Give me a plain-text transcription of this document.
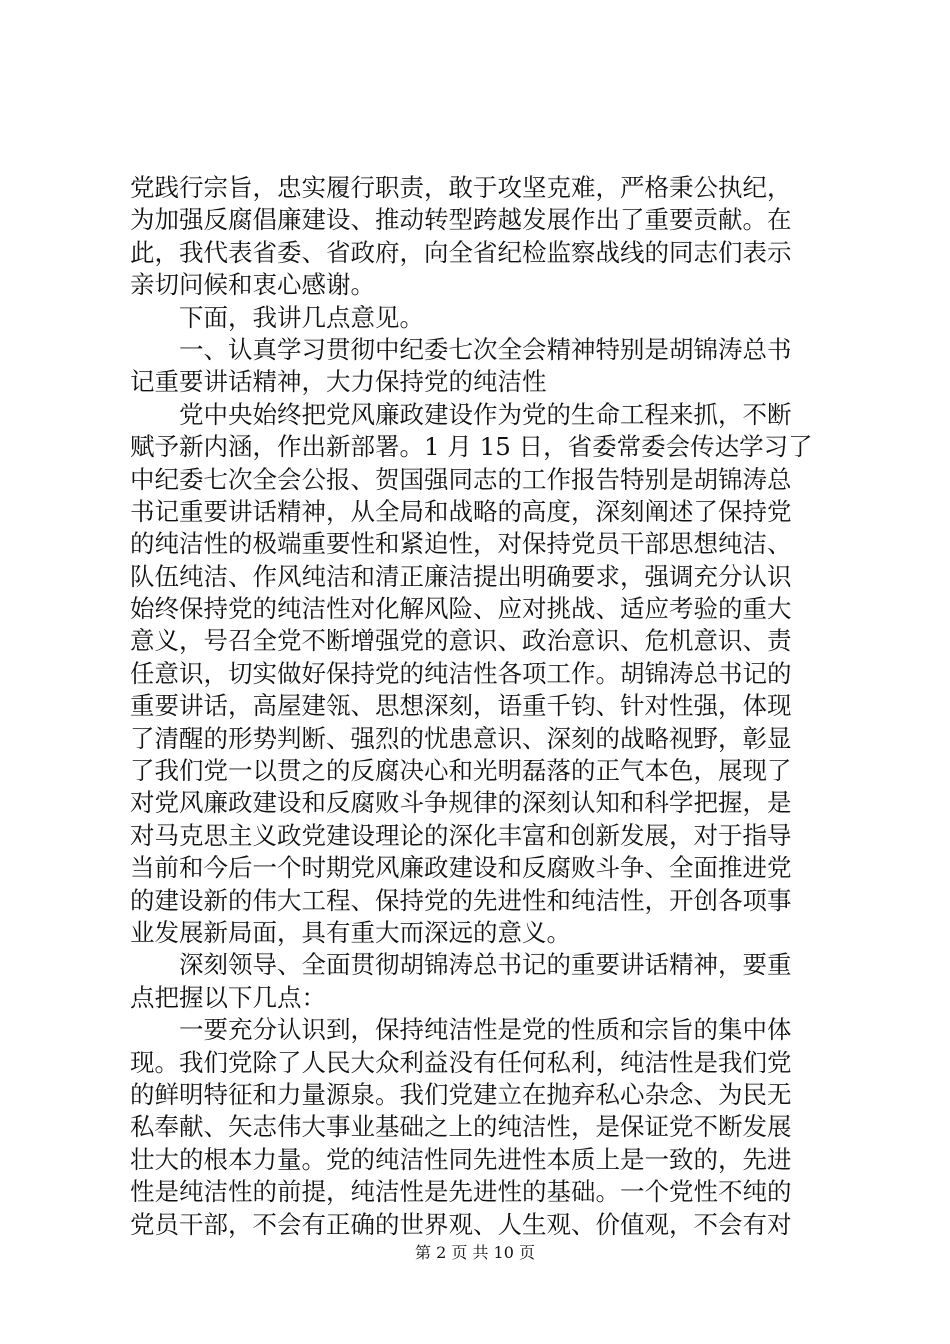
党践行宗旨，忠实履行职责，敢于攻坚克难，严格秉公执纪，
为加强反腐倡廉建设、推动转型跨越发展作出了重要贡献。在
此，我代表省委、省政府，向全省纪检监察战线的同志们表示
亲切问候和衷心感谢。
　　下面，我讲几点意见。
　　一、认真学习贯彻中纪委七次全会精神特别是胡锦涛总书
记重要讲话精神，大力保持党的纯洁性
　　党中央始终把党风廉政建设作为党的生命工程来抓，不断
赋予新内涵，作出新部署。1 月 15 日，省委常委会传达学习了
中纪委七次全会公报、贺国强同志的工作报告特别是胡锦涛总
书记重要讲话精神，从全局和战略的高度，深刻阐述了保持党
的纯洁性的极端重要性和紧迫性，对保持党员干部思想纯洁、
队伍纯洁、作风纯洁和清正廉洁提出明确要求，强调充分认识
始终保持党的纯洁性对化解风险、应对挑战、适应考验的重大
意义，号召全党不断增强党的意识、政治意识、危机意识、责
任意识，切实做好保持党的纯洁性各项工作。胡锦涛总书记的
重要讲话，高屋建瓴、思想深刻，语重千钧、针对性强，体现
了清醒的形势判断、强烈的忧患意识、深刻的战略视野，彰显
了我们党一以贯之的反腐决心和光明磊落的正气本色，展现了
对党风廉政建设和反腐败斗争规律的深刻认知和科学把握，是
对马克思主义政党建设理论的深化丰富和创新发展，对于指导
当前和今后一个时期党风廉政建设和反腐败斗争、全面推进党
的建设新的伟大工程、保持党的先进性和纯洁性，开创各项事
业发展新局面，具有重大而深远的意义。
　　深刻领导、全面贯彻胡锦涛总书记的重要讲话精神，要重
点把握以下几点：
　　一要充分认识到，保持纯洁性是党的性质和宗旨的集中体
现。我们党除了人民大众利益没有任何私利，纯洁性是我们党
的鲜明特征和力量源泉。我们党建立在抛弃私心杂念、为民无
私奉献、矢志伟大事业基础之上的纯洁性，是保证党不断发展
壮大的根本力量。党的纯洁性同先进性本质上是一致的，先进
性是纯洁性的前提，纯洁性是先进性的基础。一个党性不纯的
党员干部，不会有正确的世界观、人生观、价值观，不会有对
第 2 页 共 10 页
